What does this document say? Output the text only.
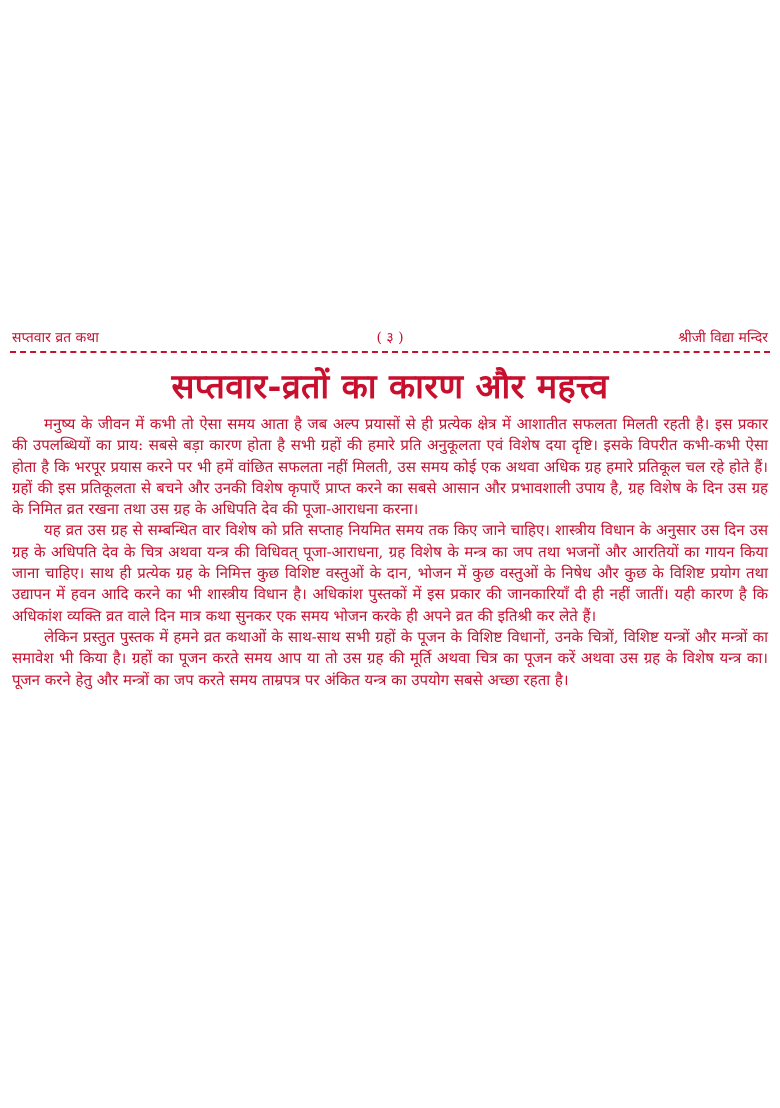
सप्तवार व्रत कथा	( ३ )	श्रीजी विद्या मन्दिर
सप्तवार-व्रतों का कारण और महत्त्व

मनुष्य के जीवन में कभी तो ऐसा समय आता है जब अल्प प्रयासों से ही प्रत्येक क्षेत्र में आशातीत सफलता मिलती रहती है। इस प्रकार की उपलब्धियों का प्राय: सबसे बड़ा कारण होता है सभी ग्रहों की हमारे प्रति अनुकूलता एवं विशेष दया दृष्टि। इसके विपरीत कभी-कभी ऐसा होता है कि भरपूर प्रयास करने पर भी हमें वांछित सफलता नहीं मिलती, उस समय कोई एक अथवा अधिक ग्रह हमारे प्रतिकूल चल रहे होते हैं। ग्रहों की इस प्रतिकूलता से बचने और उनकी विशेष कृपाएँ प्राप्त करने का सबसे आसान और प्रभावशाली उपाय है, ग्रह विशेष के दिन उस ग्रह के निमित व्रत रखना तथा उस ग्रह के अधिपति देव की पूजा-आराधना करना।

यह व्रत उस ग्रह से सम्बन्धित वार विशेष को प्रति सप्ताह नियमित समय तक किए जाने चाहिए। शास्त्रीय विधान के अनुसार उस दिन उस ग्रह के अधिपति देव के चित्र अथवा यन्त्र की विधिवत् पूजा-आराधना, ग्रह विशेष के मन्त्र का जप तथा भजनों और आरतियों का गायन किया जाना चाहिए। साथ ही प्रत्येक ग्रह के निमित्त कुछ विशिष्ट वस्तुओं के दान, भोजन में कुछ वस्तुओं के निषेध और कुछ के विशिष्ट प्रयोग तथा उद्यापन में हवन आदि करने का भी शास्त्रीय विधान है। अधिकांश पुस्तकों में इस प्रकार की जानकारियाँ दी ही नहीं जातीं। यही कारण है कि अधिकांश व्यक्ति व्रत वाले दिन मात्र कथा सुनकर एक समय भोजन करके ही अपने व्रत की इतिश्री कर लेते हैं।

लेकिन प्रस्तुत पुस्तक में हमने व्रत कथाओं के साथ-साथ सभी ग्रहों के पूजन के विशिष्ट विधानों, उनके चित्रों, विशिष्ट यन्त्रों और मन्त्रों का समावेश भी किया है। ग्रहों का पूजन करते समय आप या तो उस ग्रह की मूर्ति अथवा चित्र का पूजन करें अथवा उस ग्रह के विशेष यन्त्र का। पूजन करने हेतु और मन्त्रों का जप करते समय ताम्रपत्र पर अंकित यन्त्र का उपयोग सबसे अच्छा रहता है।
